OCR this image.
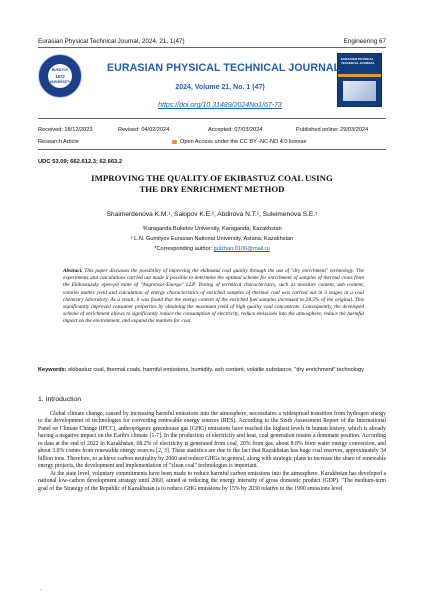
Eurasian Physical Technical Journal, 2024, 21, 1(47)	Engineering 67
BUKETOV
1972
UNIVERSITY
EURASIAN PHYSICAL TECHNICAL JOURNAL
EURASIAN PHYSICAL TECHNICAL JOURNAL
2024, Volume 21, No. 1 (47)
https://doi.org/10.31489/2024No1/67-73
Received: 18/12/2023	Revised: 04/02/2024	Accepted: 07/03/2024	Published online: 29/03/2024
Research Article	Open Access under the CC BY -NC-ND 4.0 license
UDC 53.09; 662.612.3; 62.663.2
IMPROVING THE QUALITY OF EKIBASTUZ COAL USING
THE DRY ENRICHMENT METHOD
Shaimerdenova K.M.¹, Sakipov K.E.², Abdirova N.T.¹, Suleimenova S.E.¹
¹Karaganda Buketov University, Karaganda, Kazakhstan
² L.N. Gumilyov Eurasian National University, Astana, Kazakhstan
*Corresponding author: gulzhan.0106@mail.ru
Abstract. This paper discusses the possibility of improving the ekibastuz coal quality through the use of "dry enrichment" technology. The experiments and calculations carried out made it possible to determine the optimal scheme for enrichment of samples of thermal coals from the Ekibastuzsky open-pit mine of "Angrensor-Energo" LLP. Testing of technical characteristics, such as moisture content, ash content, volatile matter yield and calculation of energy characteristics of enriched samples of thermal coal was carried out in 3 stages in a coal chemistry laboratory. As a result, it was found that the energy content of the enriched fuel samples increased to 28.5% of the original. This significantly improved consumer properties by obtaining the maximum yield of high quality coal concentrate. Consequently, the developed scheme of enrichment allows to significantly reduce the consumption of electricity, reduce emissions into the atmosphere, reduce the harmful impact on the environment, and expand the markets for coal.
Keywords: ekibastuz coal, thermal coals, harmful emissions, humidity, ash content, volatile substance, "dry enrichment" technology
1. Introduction

Global climate change, caused by increasing harmful emissions into the atmosphere, necessitates a widespread transition from hydrogen energy to the development of technologies for converting renewable energy sources (RES). According to the Sixth Assessment Report of the International Panel on Climate Change (IPCC), anthropogenic greenhouse gas (GHG) emissions have reached the highest levels in human history, which is already having a negative impact on the Earth's climate [1-7]. In the production of electricity and heat, coal generation retains a dominant position. According to data at the end of 2022 in Kazakhstan, 68.2% of electricity is generated from coal, 20% from gas, about 8.8% from water energy conversion, and about 3.0% comes from renewable energy sources [2, 3]. These statistics are due to the fact that Kazakhstan has huge coal reserves, approximately 34 billion tons. Therefore, to achieve carbon neutrality by 2060 and reduce GHGs in general, along with strategic plans to increase the share of renewable energy projects, the development and implementation of "clean coal" technologies is important.

At the state level, voluntary commitments have been made to reduce harmful carbon emissions into the atmosphere. Kazakhstan has developed a national low-carbon development strategy until 2060, aimed at reducing the energy intensity of gross domestic product (GDP). "The medium-term goal of the Strategy of the Republic of Kazakhstan is to reduce GHG emissions by 15% by 2030 relative to the 1990 emissions level

.
